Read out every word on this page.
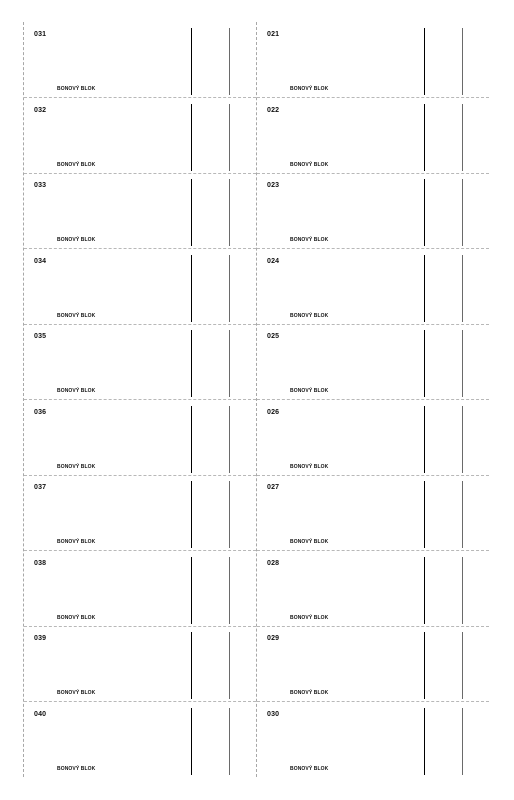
031
BONOVÝ BLOK
032
BONOVÝ BLOK
033
BONOVÝ BLOK
034
BONOVÝ BLOK
035
BONOVÝ BLOK
036
BONOVÝ BLOK
037
BONOVÝ BLOK
038
BONOVÝ BLOK
039
BONOVÝ BLOK
040
BONOVÝ BLOK
021
BONOVÝ BLOK
022
BONOVÝ BLOK
023
BONOVÝ BLOK
024
BONOVÝ BLOK
025
BONOVÝ BLOK
026
BONOVÝ BLOK
027
BONOVÝ BLOK
028
BONOVÝ BLOK
029
BONOVÝ BLOK
030
BONOVÝ BLOK
